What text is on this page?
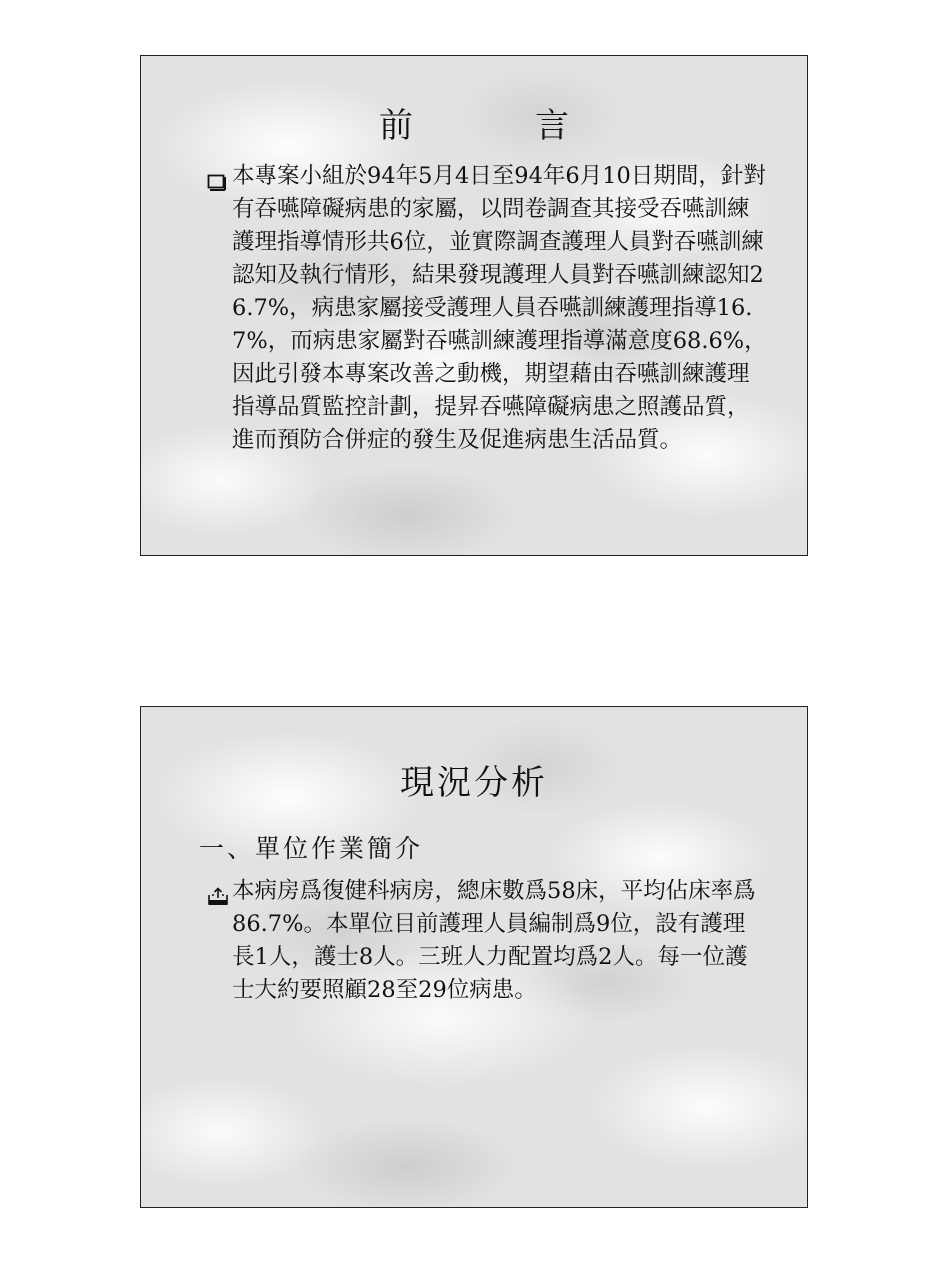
前　言
本專案小組於94年5月4日至94年6月10日期間，針對有吞嚥障礙病患的家屬，以問卷調查其接受吞嚥訓練護理指導情形共6位，並實際調查護理人員對吞嚥訓練認知及執行情形，結果發現護理人員對吞嚥訓練認知26.7%，病患家屬接受護理人員吞嚥訓練護理指導16.7%，而病患家屬對吞嚥訓練護理指導滿意度68.6%，因此引發本專案改善之動機，期望藉由吞嚥訓練護理指導品質監控計劃，提昇吞嚥障礙病患之照護品質，進而預防合併症的發生及促進病患生活品質。
現況分析
一、單位作業簡介
本病房爲復健科病房，總床數爲58床，平均佔床率爲 86.7%。本單位目前護理人員編制爲9位，設有護理長1人，護士8人。三班人力配置均爲2人。每一位護士大約要照顧28至29位病患。
